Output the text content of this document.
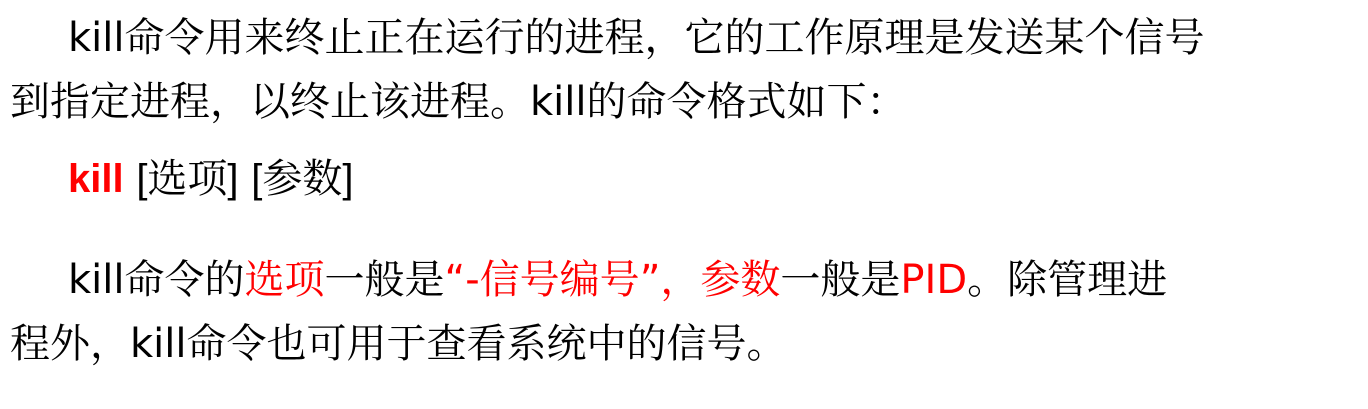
kill命令用来终止正在运行的进程，它的工作原理是发送某个信号
到指定进程，以终止该进程。kill的命令格式如下：

kill [选项] [参数]

kill命令的选项一般是“-信号编号”，参数一般是PID。除管理进
程外，kill命令也可用于查看系统中的信号。
